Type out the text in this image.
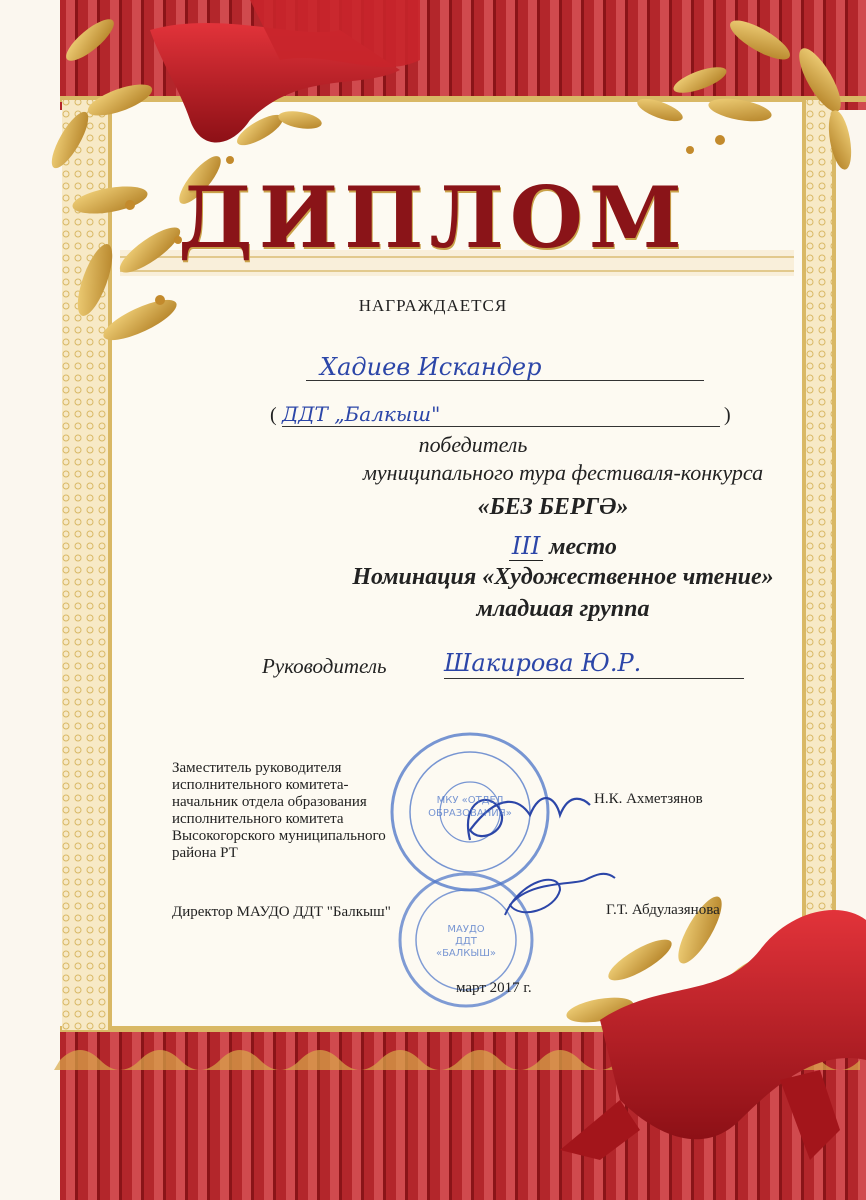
МКУ «ОТДЕЛ
ОБРАЗОВАНИЯ»
МАУДО
ДДТ
«БАЛКЫШ»
ДИПЛОМ
НАГРАЖДАЕТСЯ
Хадиев Искандер
( ДДТ „Балкыш"	)
победитель
муниципального тура фестиваля-конкурса
«БЕЗ БЕРГӘ»
III место
Номинация «Художественное чтение»
младшая группа
Руководитель Шакирова Ю.Р.
Заместитель руководителя
исполнительного комитета-
начальник отдела образования
исполнительного комитета
Высокогорского муниципального
района РТ
Н.К. Ахметзянов
Директор МАУДО ДДТ "Балкыш"	Г.Т. Абдулазянова
март 2017 г.
